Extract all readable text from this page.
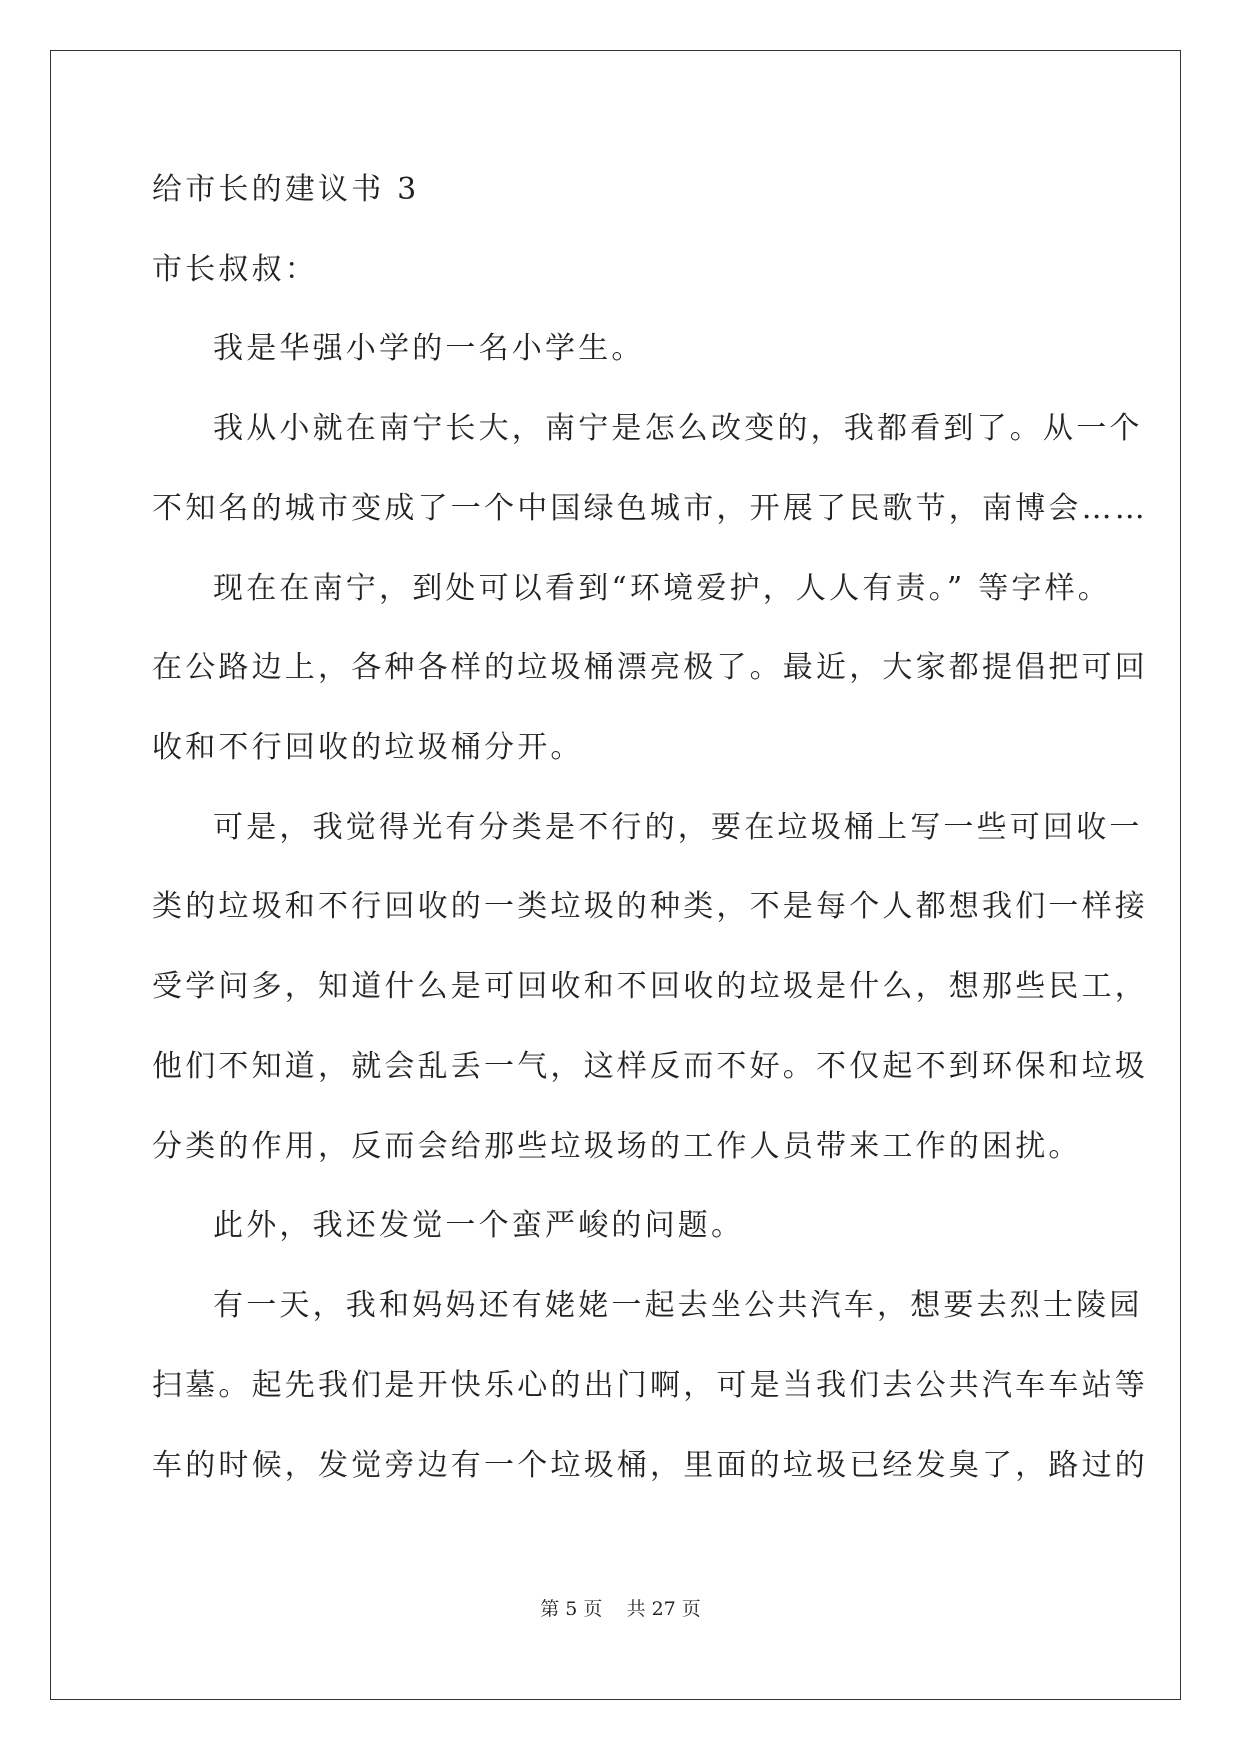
给市长的建议书 3
市长叔叔：
我是华强小学的一名小学生。
我从小就在南宁长大，南宁是怎么改变的，我都看到了。从一个
不知名的城市变成了一个中国绿色城市，开展了民歌节，南博会……
现在在南宁，到处可以看到“环境爱护，人人有责。” 等字样。
在公路边上，各种各样的垃圾桶漂亮极了。最近，大家都提倡把可回
收和不行回收的垃圾桶分开。
可是，我觉得光有分类是不行的，要在垃圾桶上写一些可回收一
类的垃圾和不行回收的一类垃圾的种类，不是每个人都想我们一样接
受学问多，知道什么是可回收和不回收的垃圾是什么，想那些民工，
他们不知道，就会乱丢一气，这样反而不好。不仅起不到环保和垃圾
分类的作用，反而会给那些垃圾场的工作人员带来工作的困扰。
此外，我还发觉一个蛮严峻的问题。
有一天，我和妈妈还有姥姥一起去坐公共汽车，想要去烈士陵园
扫墓。起先我们是开快乐心的出门啊，可是当我们去公共汽车车站等
车的时候，发觉旁边有一个垃圾桶，里面的垃圾已经发臭了，路过的
第 5 页 共 27 页
